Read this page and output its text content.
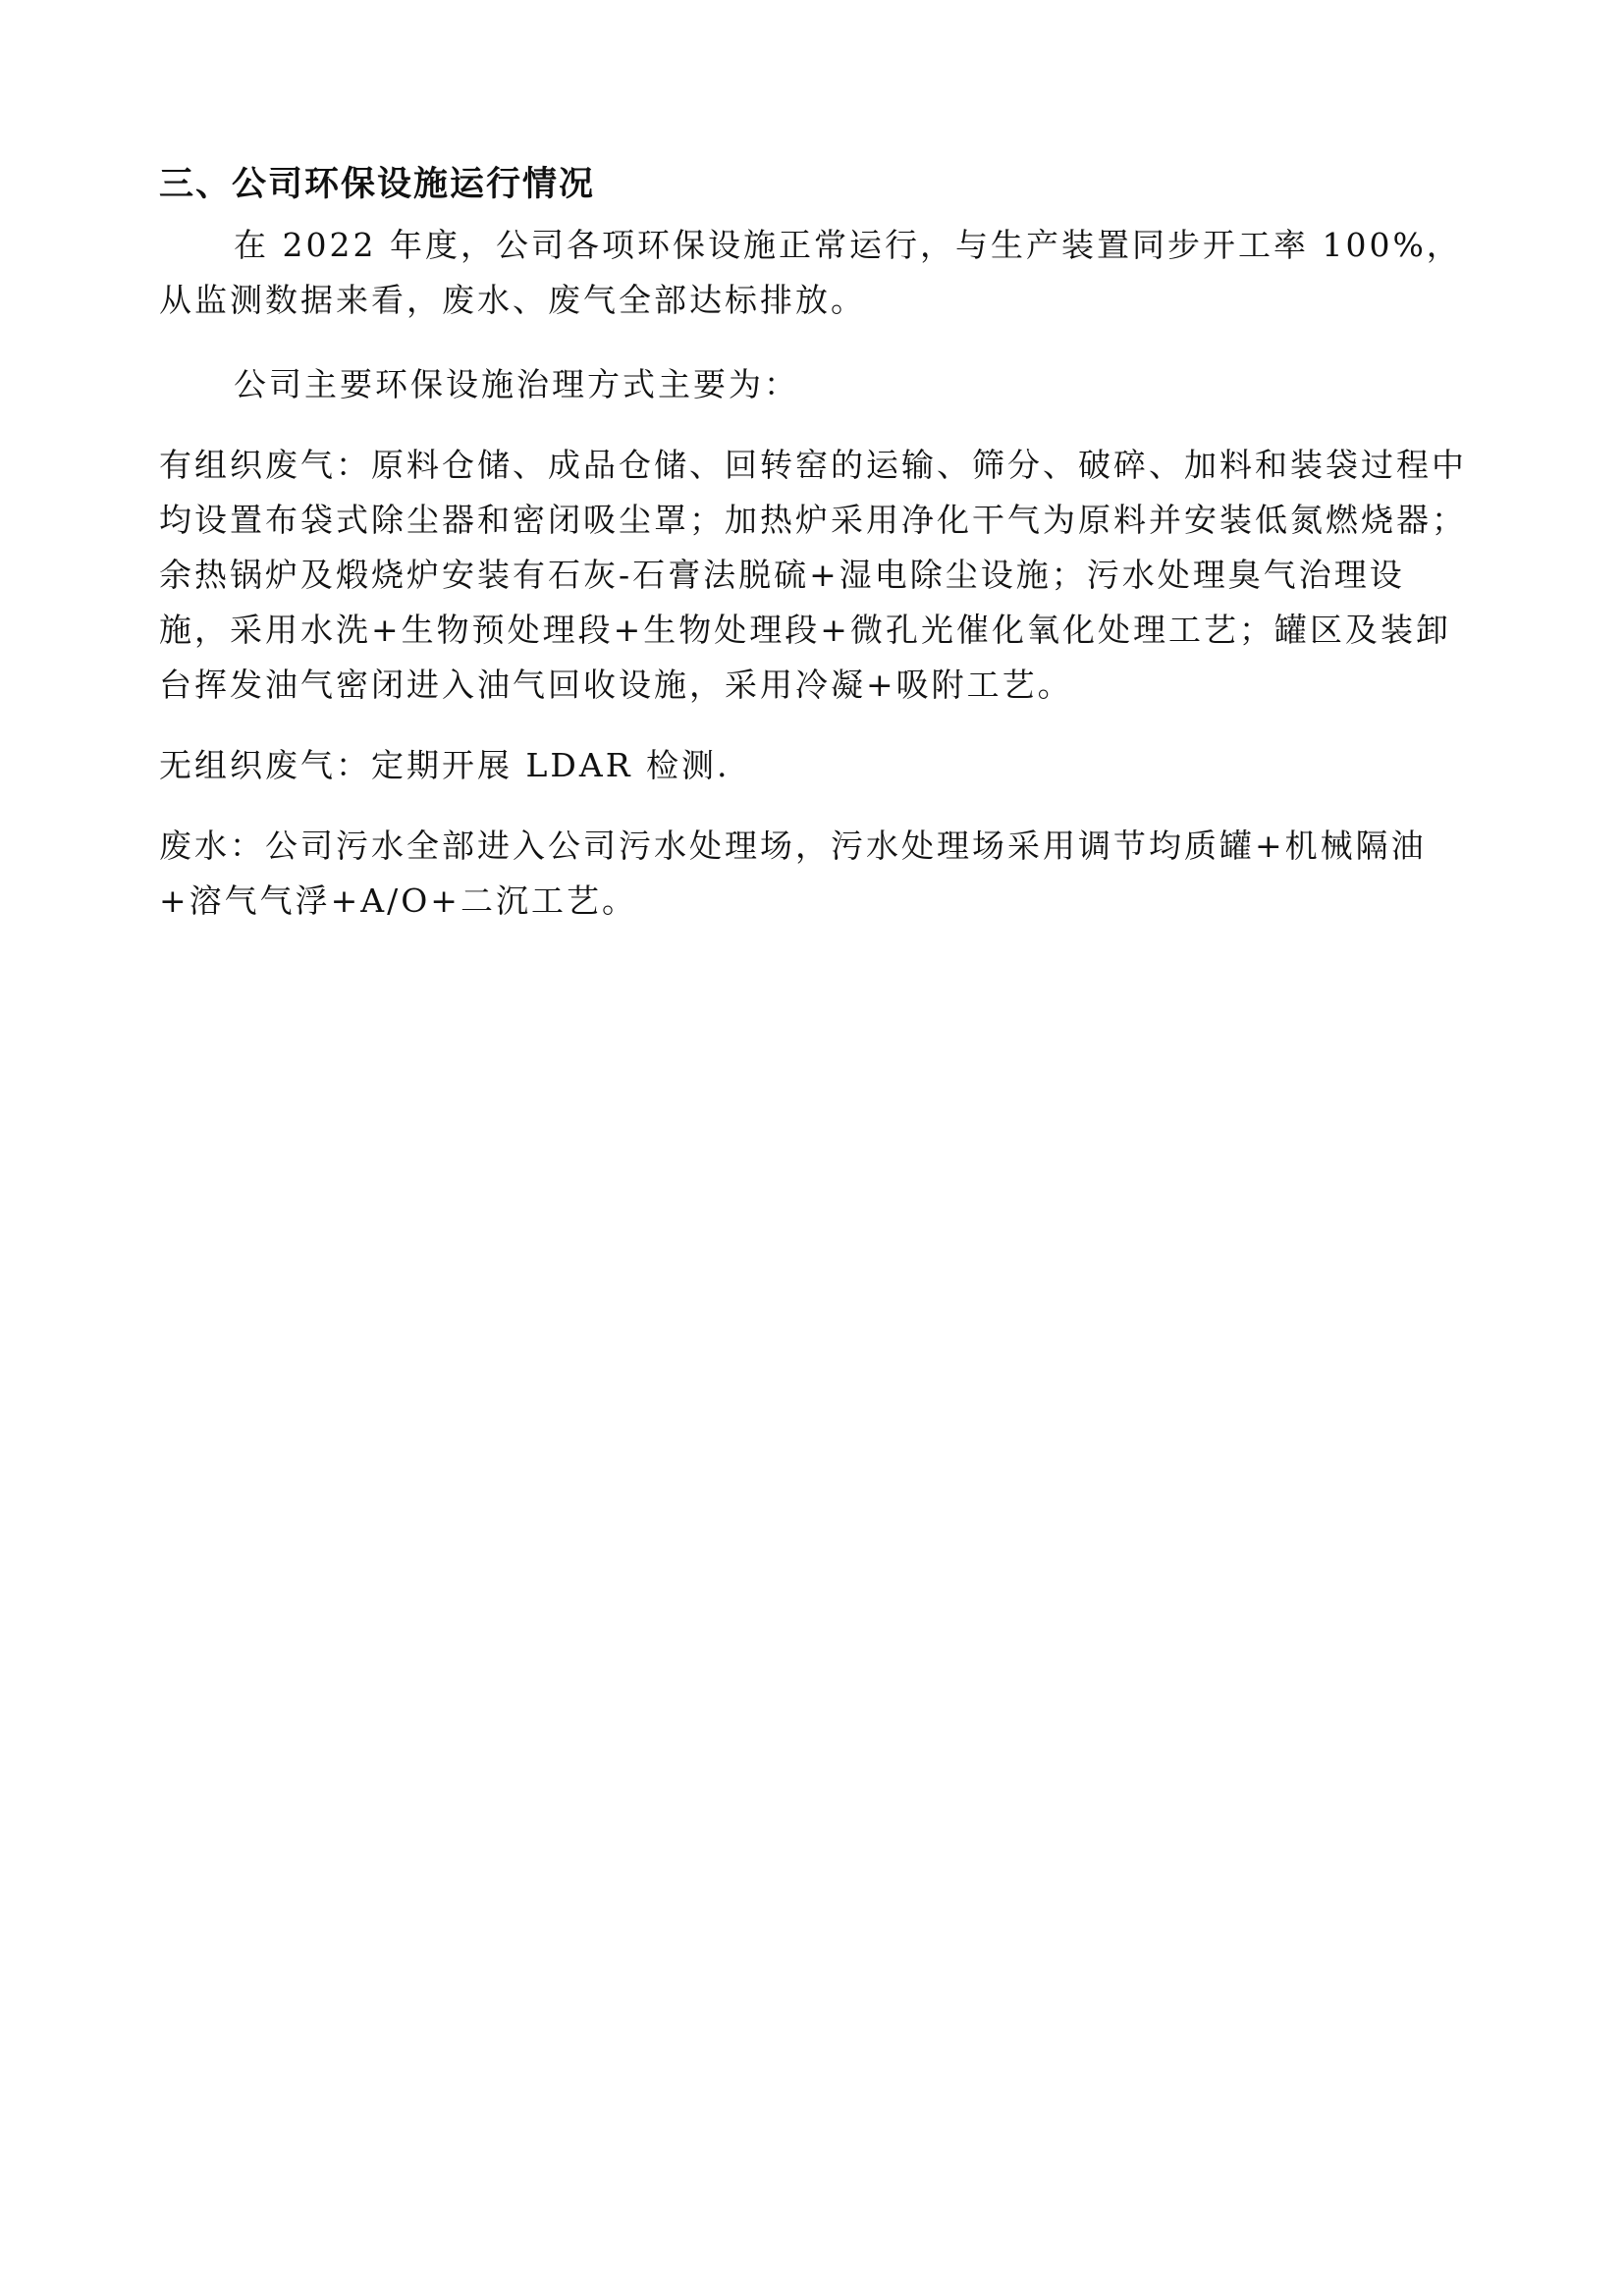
三、公司环保设施运行情况

在 2022 年度，公司各项环保设施正常运行，与生产装置同步开工率 100%，从监测数据来看，废水、废气全部达标排放。

公司主要环保设施治理方式主要为：

有组织废气：原料仓储、成品仓储、回转窑的运输、筛分、破碎、加料和装袋过程中均设置布袋式除尘器和密闭吸尘罩；加热炉采用净化干气为原料并安装低氮燃烧器；余热锅炉及煅烧炉安装有石灰-石膏法脱硫+湿电除尘设施；污水处理臭气治理设施，采用水洗+生物预处理段+生物处理段+微孔光催化氧化处理工艺；罐区及装卸台挥发油气密闭进入油气回收设施，采用冷凝+吸附工艺。

无组织废气：定期开展 LDAR 检测.

废水：公司污水全部进入公司污水处理场，污水处理场采用调节均质罐+机械隔油+溶气气浮+A/O+二沉工艺。
